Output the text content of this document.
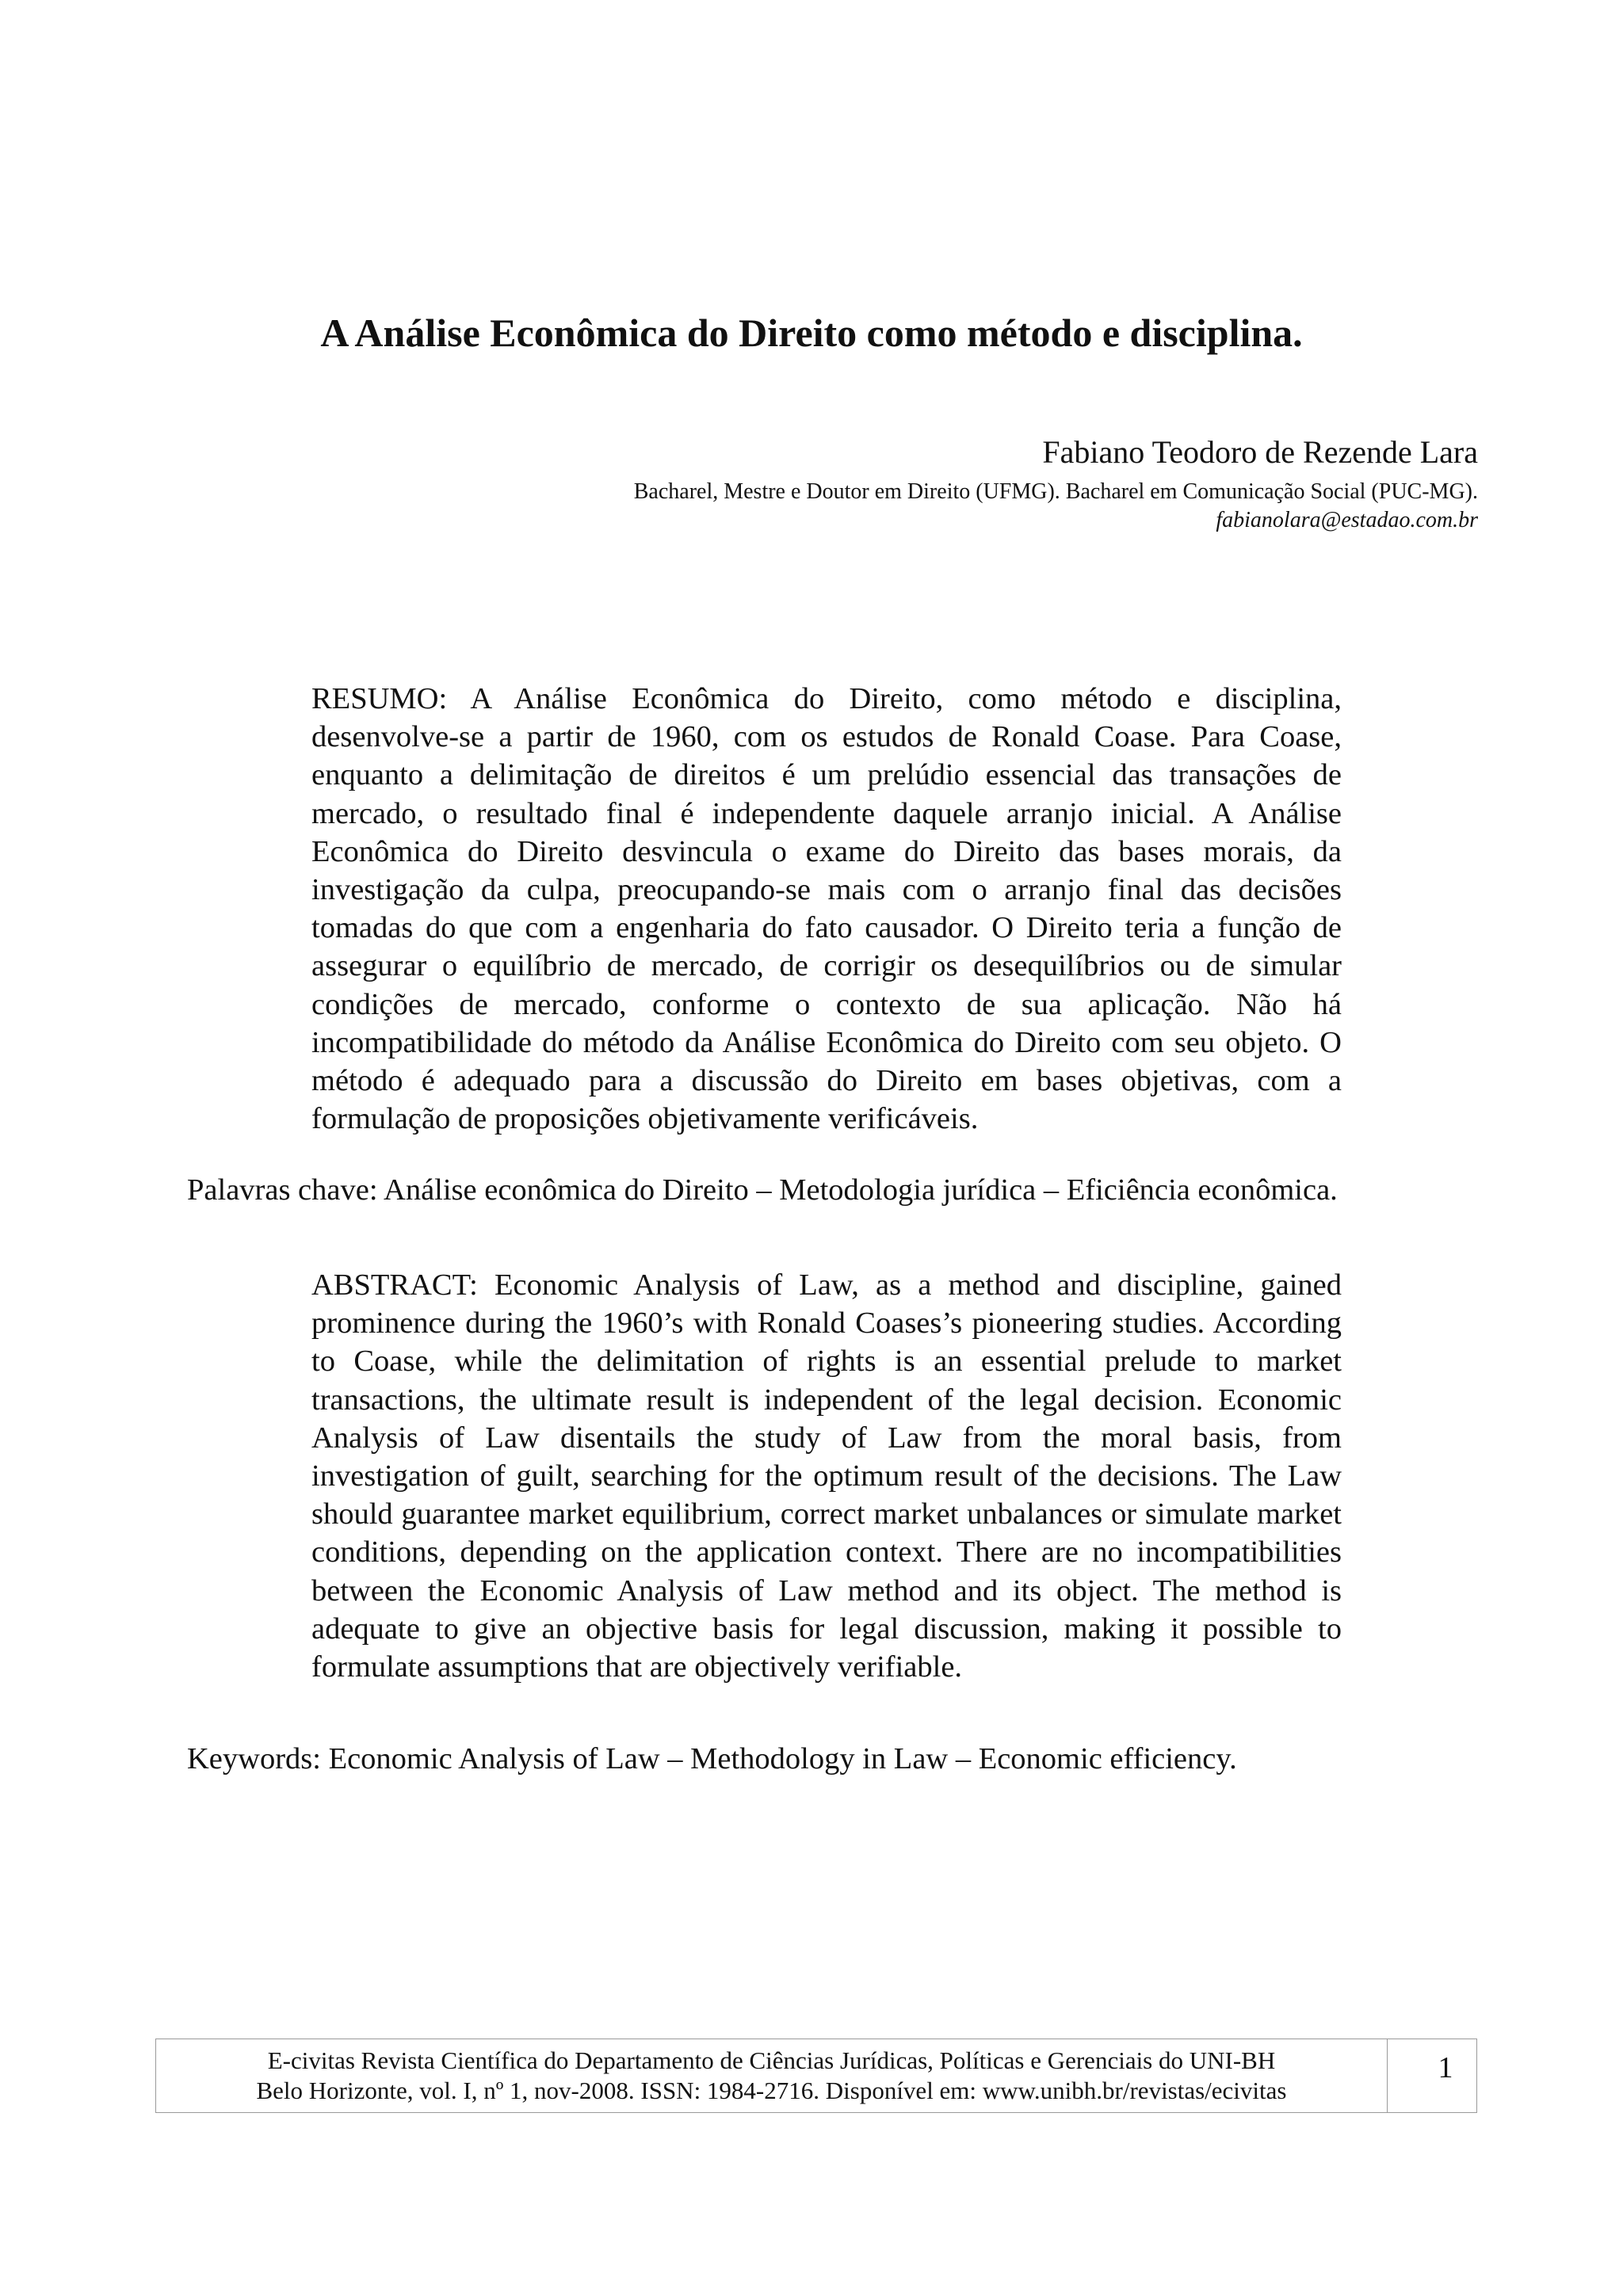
A Análise Econômica do Direito como método e disciplina.
Fabiano Teodoro de Rezende Lara
Bacharel, Mestre e Doutor em Direito (UFMG). Bacharel em Comunicação Social (PUC-MG).
fabianolara@estadao.com.br

RESUMO: A Análise Econômica do Direito, como método e disciplina, desenvolve-se a partir de 1960, com os estudos de Ronald Coase. Para Coase, enquanto a delimitação de direitos é um prelúdio essencial das transações de mercado, o resultado final é independente daquele arranjo inicial. A Análise Econômica do Direito desvincula o exame do Direito das bases morais, da investigação da culpa, preocupando-se mais com o arranjo final das decisões tomadas do que com a engenharia do fato causador. O Direito teria a função de assegurar o equilíbrio de mercado, de corrigir os desequilíbrios ou de simular condições de mercado, conforme o contexto de sua aplicação. Não há incompatibilidade do método da Análise Econômica do Direito com seu objeto. O método é adequado para a discussão do Direito em bases objetivas, com a formulação de proposições objetivamente verificáveis.

Palavras chave: Análise econômica do Direito – Metodologia jurídica – Eficiência econômica.

ABSTRACT: Economic Analysis of Law, as a method and discipline, gained prominence during the 1960’s with Ronald Coases’s pioneering studies. According to Coase, while the delimitation of rights is an essential prelude to market transactions, the ultimate result is independent of the legal decision. Economic Analysis of Law disentails the study of Law from the moral basis, from investigation of guilt, searching for the optimum result of the decisions. The Law should guarantee market equilibrium, correct market unbalances or simulate market conditions, depending on the application context. There are no incompatibilities between the Economic Analysis of Law method and its object. The method is adequate to give an objective basis for legal discussion, making it possible to formulate assumptions that are objectively verifiable.

Keywords: Economic Analysis of Law – Methodology in Law – Economic efficiency.

E-civitas Revista Científica do Departamento de Ciências Jurídicas, Políticas e Gerenciais do UNI-BH
Belo Horizonte, vol. I, nº 1, nov-2008. ISSN: 1984-2716. Disponível em: www.unibh.br/revistas/ecivitas
1
